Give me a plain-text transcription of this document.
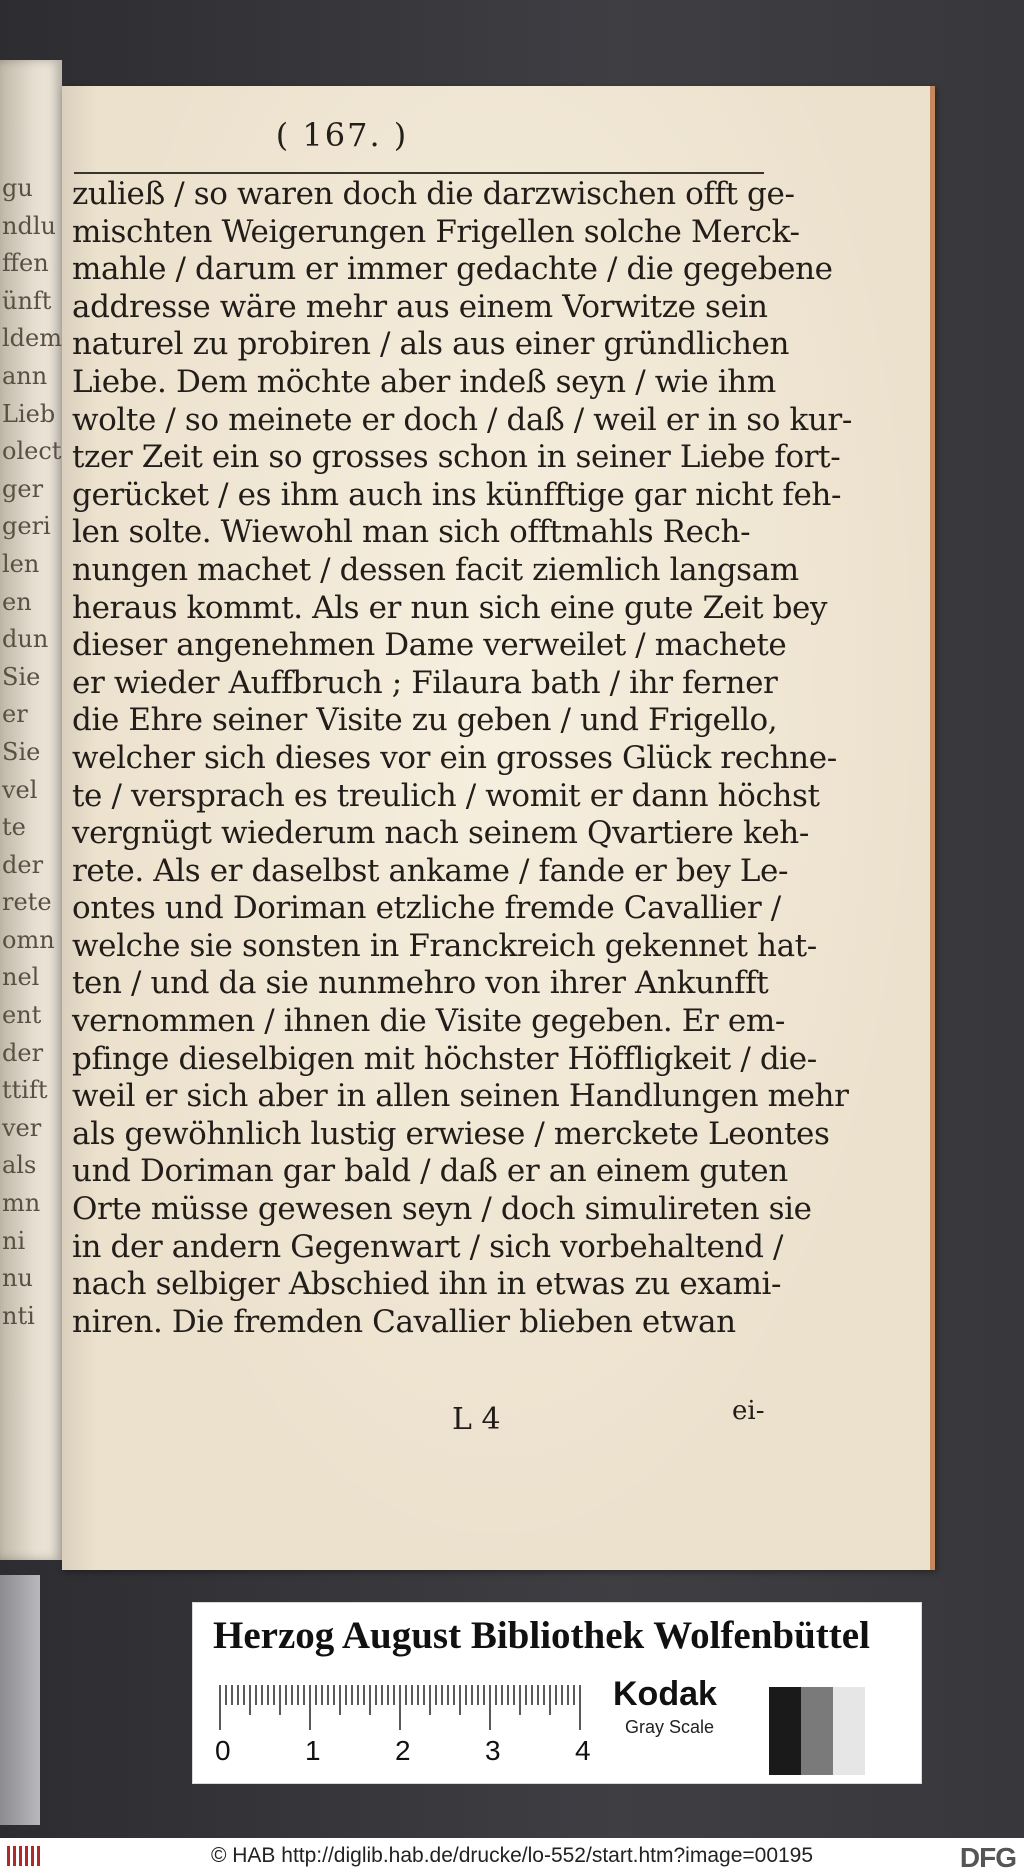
gu
ndlu
ffen
ünft
ldem
ann
Lieb
olect
ger
geri
len
en
dun
Sie
er
Sie
vel
te
der
rete
omn
nel
ent
der
ttift
ver
als
mn
ni
nu
nti
( 167. )
zuließ / so waren doch die darzwischen offt ge-
mischten Weigerungen Frigellen solche Merck-
mahle / darum er immer gedachte / die gegebene
addresse wäre mehr aus einem Vorwitze sein
naturel zu probiren / als aus einer gründlichen
Liebe. Dem möchte aber indeß seyn / wie ihm
wolte / so meinete er doch / daß / weil er in so kur-
tzer Zeit ein so grosses schon in seiner Liebe fort-
gerücket / es ihm auch ins künfftige gar nicht feh-
len solte. Wiewohl man sich offtmahls Rech-
nungen machet / dessen facit ziemlich langsam
heraus kommt. Als er nun sich eine gute Zeit bey
dieser angenehmen Dame verweilet / machete
er wieder Auffbruch ; Filaura bath / ihr ferner
die Ehre seiner Visite zu geben / und Frigello,
welcher sich dieses vor ein grosses Glück rechne-
te / versprach es treulich / womit er dann höchst
vergnügt wiederum nach seinem Qvartiere keh-
rete. Als er daselbst ankame / fande er bey Le-
ontes und Doriman etzliche fremde Cavallier /
welche sie sonsten in Franckreich gekennet hat-
ten / und da sie nunmehro von ihrer Ankunfft
vernommen / ihnen die Visite gegeben. Er em-
pfinge dieselbigen mit höchster Höffligkeit / die-
weil er sich aber in allen seinen Handlungen mehr
als gewöhnlich lustig erwiese / merckete Leontes
und Doriman gar bald / daß er an einem guten
Orte müsse gewesen seyn / doch simulireten sie
in der andern Gegenwart / sich vorbehaltend /
nach selbiger Abschied ihn in etwas zu exami-
niren. Die fremden Cavallier blieben etwan
L 4	ei-
Herzog August Bibliothek Wolfenbüttel
0	1	2	3	4
Kodak
Gray Scale
© HAB http://diglib.hab.de/drucke/lo-552/start.htm?image=00195	DFG
